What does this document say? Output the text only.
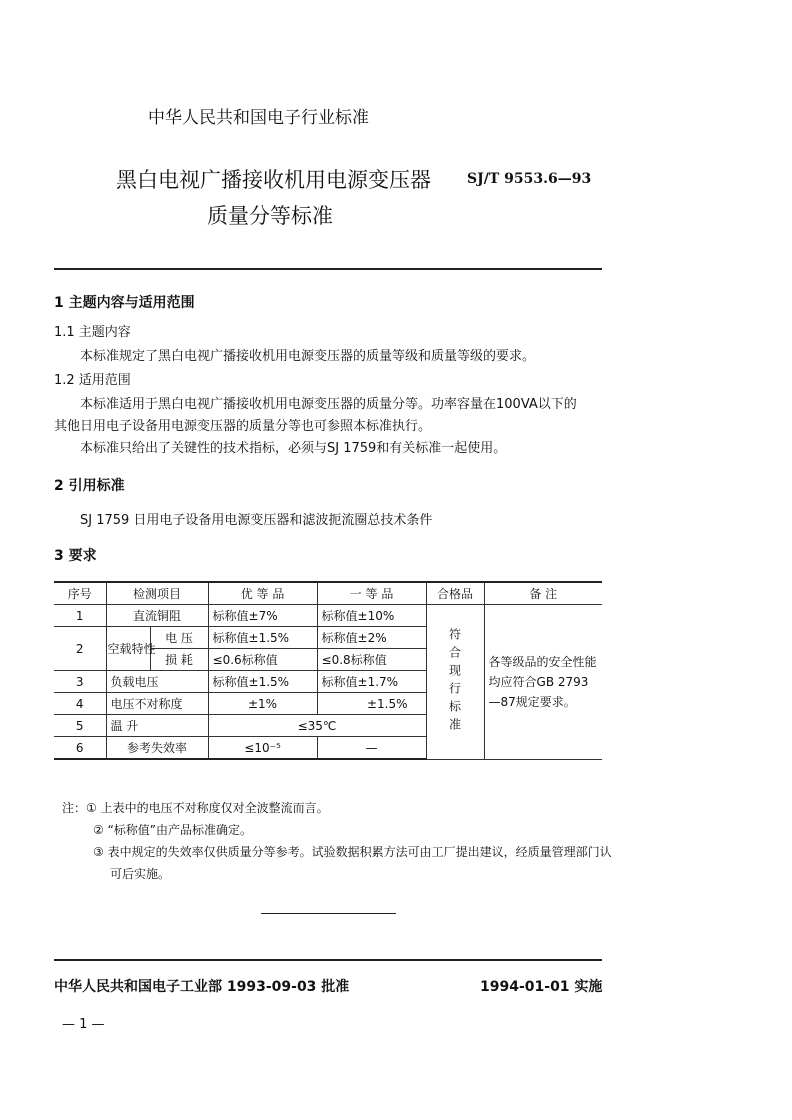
中华人民共和国电子行业标准
黑白电视广播接收机用电源变压器
质量分等标准
SJ/T 9553.6—93
1 主题内容与适用范围
1.1 主题内容
本标准规定了黑白电视广播接收机用电源变压器的质量等级和质量等级的要求。
1.2 适用范围
本标准适用于黑白电视广播接收机用电源变压器的质量分等。功率容量在100VA以下的
其他日用电子设备用电源变压器的质量分等也可参照本标准执行。
本标准只给出了关键性的技术指标，必须与SJ 1759和有关标准一起使用。
2 引用标准
SJ 1759 日用电子设备用电源变压器和滤波扼流圈总技术条件
3 要求
序号	检测项目		优 等 品	一 等 品	合格品	备 注
1	直流铜阻		标称值±7%	标称值±10%	符合现行标准	各等级品的安全性能均应符合GB 2793—87规定要求。
2	空载特性	电 压	标称值±1.5%	标称值±2%		
		损 耗	≤0.6标称值	≤0.8标称值		
3	负载电压		标称值±1.5%	标称值±1.7%		
4	电压不对称度		±1%	±1.5%		
5	温 升		≤35℃			
6	参考失效率		≤10⁻⁵	—		
注：① 上表中的电压不对称度仅对全波整流而言。
② “标称值”由产品标准确定。
③ 表中规定的失效率仅供质量分等参考。试验数据积累方法可由工厂提出建议，经质量管理部门认
可后实施。
中华人民共和国电子工业部 1993-09-03 批准	1994-01-01 实施
— 1 —
